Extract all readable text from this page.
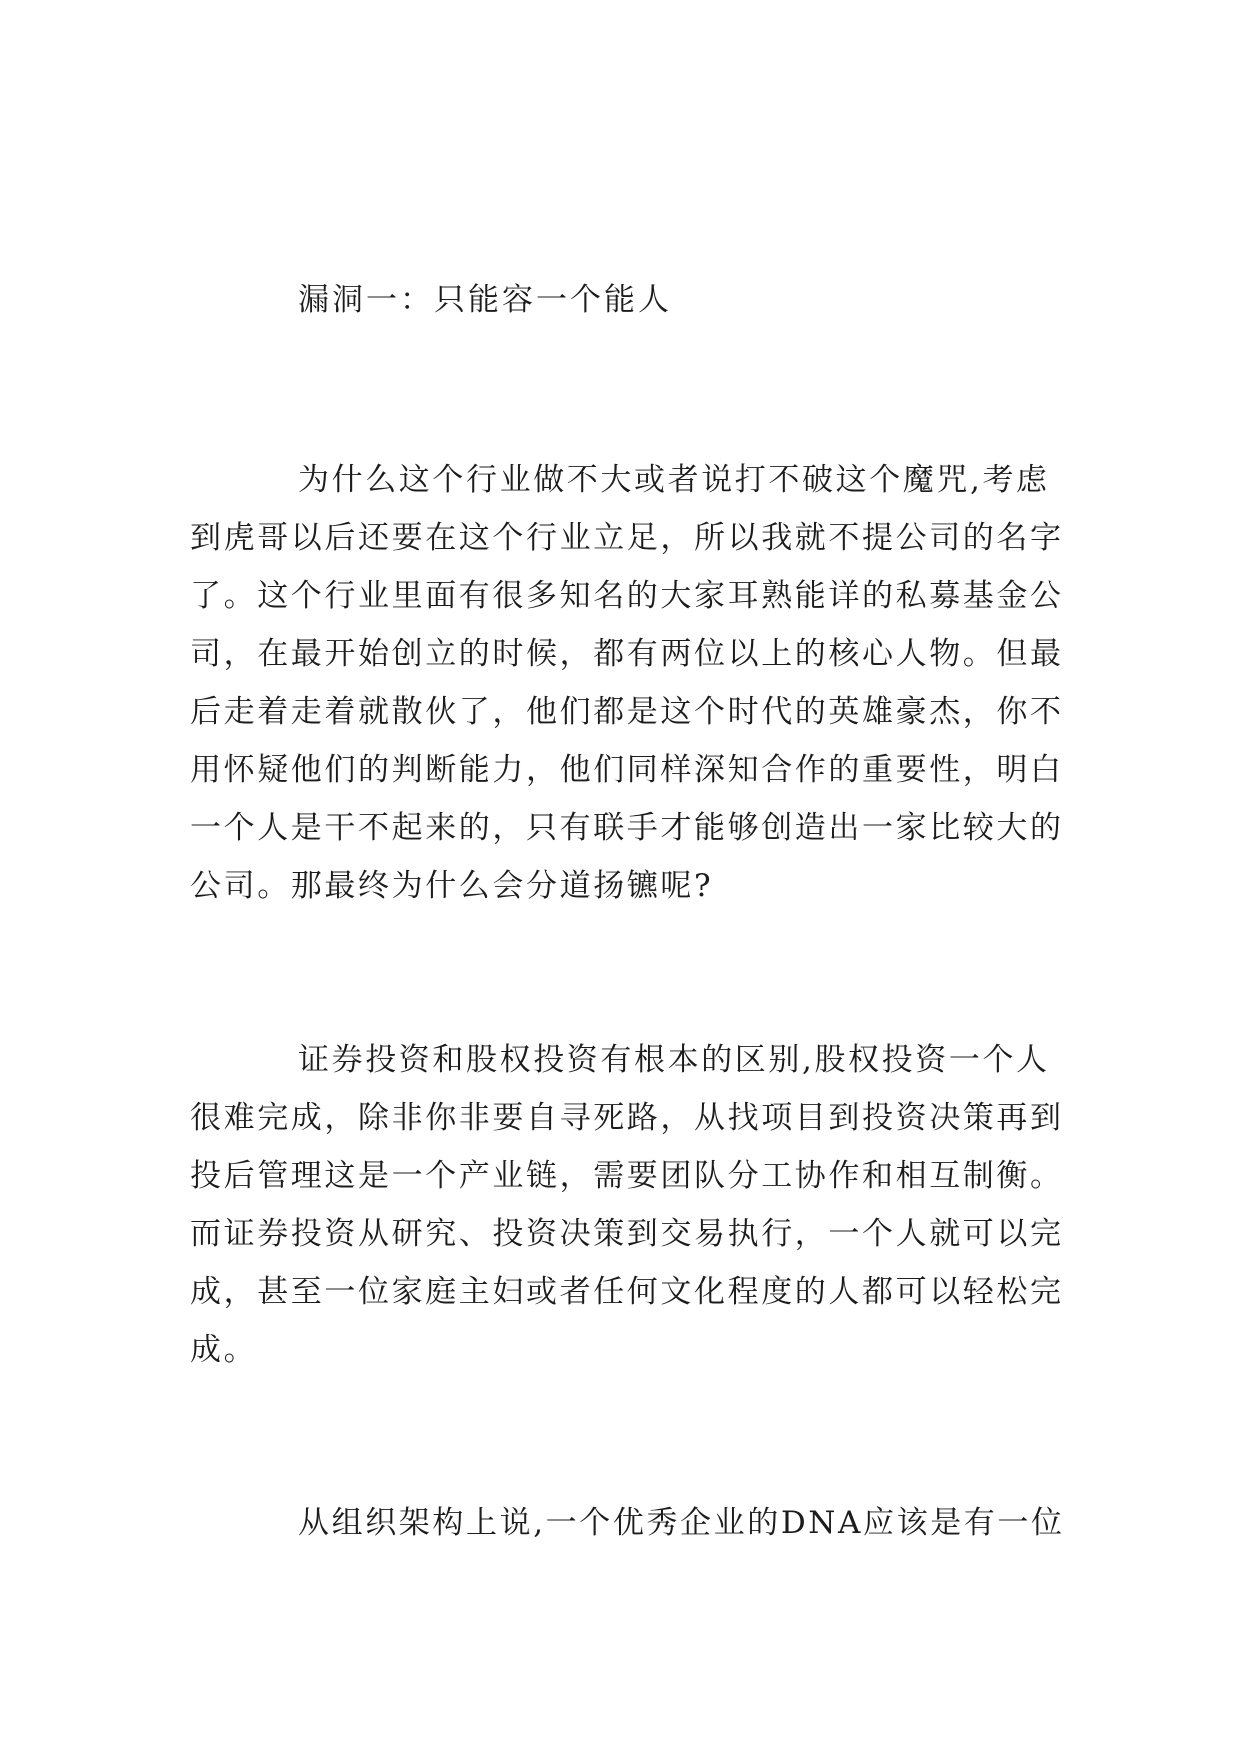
漏洞一：只能容一个能人
为什么这个行业做不大或者说打不破这个魔咒,考虑
到虎哥以后还要在这个行业立足，所以我就不提公司的名字
了。这个行业里面有很多知名的大家耳熟能详的私募基金公
司，在最开始创立的时候，都有两位以上的核心人物。但最
后走着走着就散伙了，他们都是这个时代的英雄豪杰，你不
用怀疑他们的判断能力，他们同样深知合作的重要性，明白
一个人是干不起来的，只有联手才能够创造出一家比较大的
公司。那最终为什么会分道扬镳呢?
证券投资和股权投资有根本的区别,股权投资一个人
很难完成，除非你非要自寻死路，从找项目到投资决策再到
投后管理这是一个产业链，需要团队分工协作和相互制衡。
而证券投资从研究、投资决策到交易执行，一个人就可以完
成，甚至一位家庭主妇或者任何文化程度的人都可以轻松完
成。
从组织架构上说,一个优秀企业的DNA应该是有一位
